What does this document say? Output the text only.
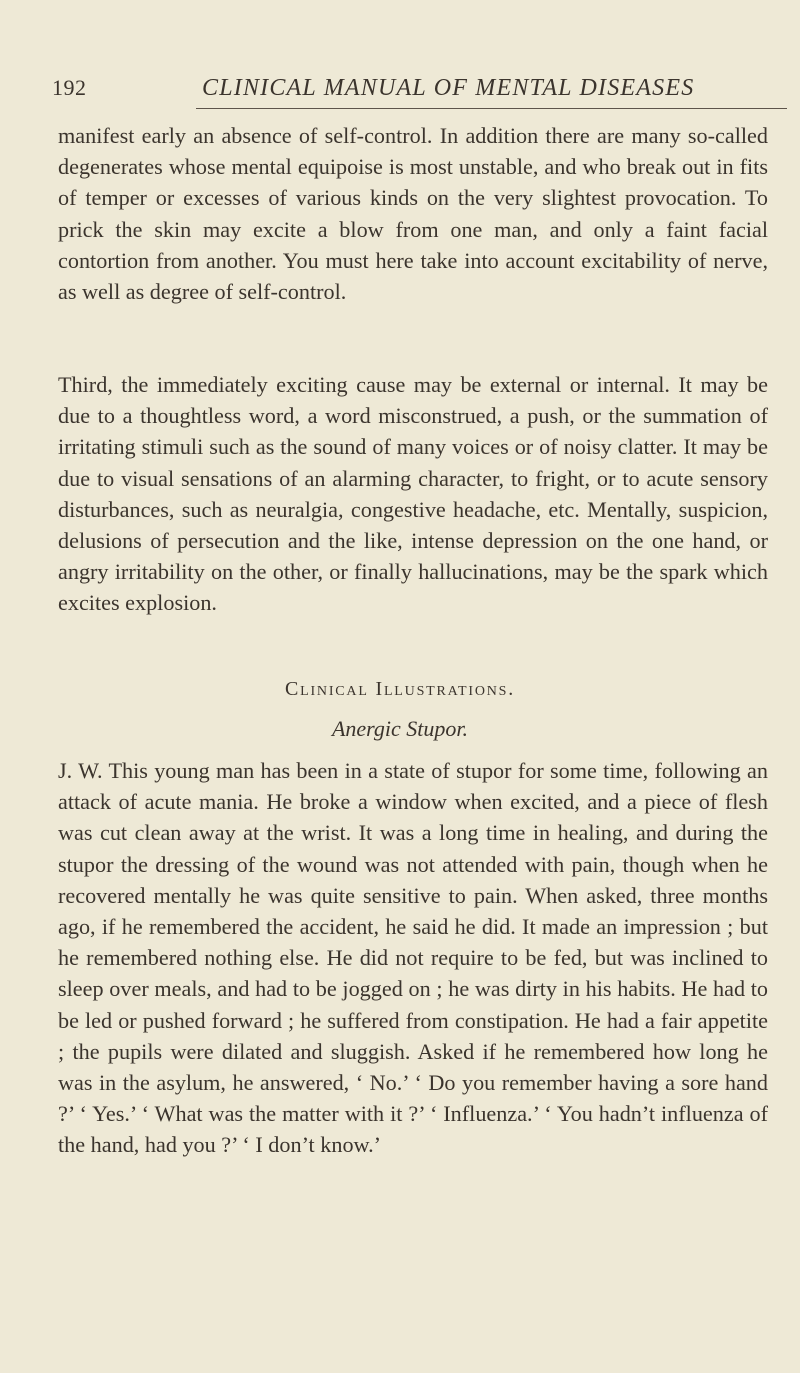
192	CLINICAL MANUAL OF MENTAL DISEASES

manifest early an absence of self-control. In addition there are many so-called degenerates whose mental equipoise is most unstable, and who break out in fits of temper or excesses of various kinds on the very slightest provocation. To prick the skin may excite a blow from one man, and only a faint facial contortion from another. You must here take into account excitability of nerve, as well as degree of self-control.

Third, the immediately exciting cause may be external or internal. It may be due to a thoughtless word, a word misconstrued, a push, or the summation of irritating stimuli such as the sound of many voices or of noisy clatter. It may be due to visual sensations of an alarming character, to fright, or to acute sensory disturbances, such as neuralgia, congestive headache, etc. Mentally, suspicion, delusions of persecution and the like, intense depression on the one hand, or angry irritability on the other, or finally hallucinations, may be the spark which excites explosion.

Clinical Illustrations.
Anergic Stupor.

J. W. This young man has been in a state of stupor for some time, following an attack of acute mania. He broke a window when excited, and a piece of flesh was cut clean away at the wrist. It was a long time in healing, and during the stupor the dressing of the wound was not attended with pain, though when he recovered mentally he was quite sensitive to pain. When asked, three months ago, if he remembered the accident, he said he did. It made an impression ; but he remembered nothing else. He did not require to be fed, but was inclined to sleep over meals, and had to be jogged on ; he was dirty in his habits. He had to be led or pushed forward ; he suffered from constipation. He had a fair appetite ; the pupils were dilated and sluggish. Asked if he remembered how long he was in the asylum, he answered, ‘ No.’ ‘ Do you remember having a sore hand ?’ ‘ Yes.’ ‘ What was the matter with it ?’ ‘ Influenza.’ ‘ You hadn’t influenza of the hand, had you ?’ ‘ I don’t know.’
